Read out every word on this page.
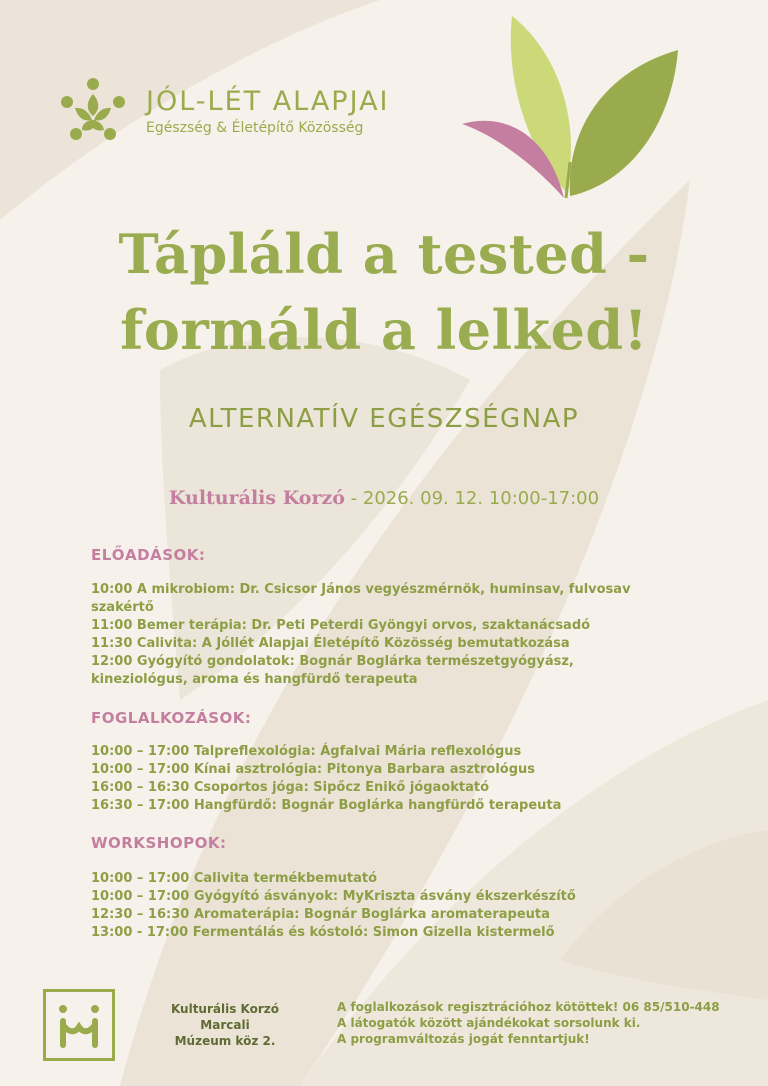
JÓL-LÉT ALAPJAI
Egészség & Életépítő Közösség
Tápláld a tested -
formáld a lelked!
ALTERNATÍV EGÉSZSÉGNAP
Kulturális Korzó - 2026. 09. 12. 10:00-17:00
ELŐADÁSOK:
10:00 A mikrobiom: Dr. Csicsor János vegyészmérnök, huminsav, fulvosav szakértő
11:00 Bemer terápia: Dr. Peti Peterdi Gyöngyi orvos, szaktanácsadó
11:30 Calivita: A Jóllét Alapjai Életépítő Közösség bemutatkozása
12:00 Gyógyító gondolatok: Bognár Boglárka természetgyógyász, kineziológus, aroma és hangfürdő terapeuta
FOGLALKOZÁSOK:
10:00 – 17:00 Talpreflexológia: Ágfalvai Mária reflexológus
10:00 – 17:00 Kínai asztrológia: Pitonya Barbara asztrológus
16:00 – 16:30 Csoportos jóga: Sipőcz Enikő jógaoktató
16:30 – 17:00 Hangfürdő: Bognár Boglárka hangfürdő terapeuta
WORKSHOPOK:
10:00 – 17:00 Calivita termékbemutató
10:00 – 17:00 Gyógyító ásványok: MyKriszta ásvány ékszerkészítő
12:30 – 16:30 Aromaterápia: Bognár Boglárka aromaterapeuta
13:00 - 17:00 Fermentálás és kóstoló: Simon Gizella kistermelő
Kulturális Korzó
Marcali
Múzeum köz 2.
A foglalkozások regisztrációhoz kötöttek! 06 85/510-448
A látogatók között ajándékokat sorsolunk ki.
A programváltozás jogát fenntartjuk!
